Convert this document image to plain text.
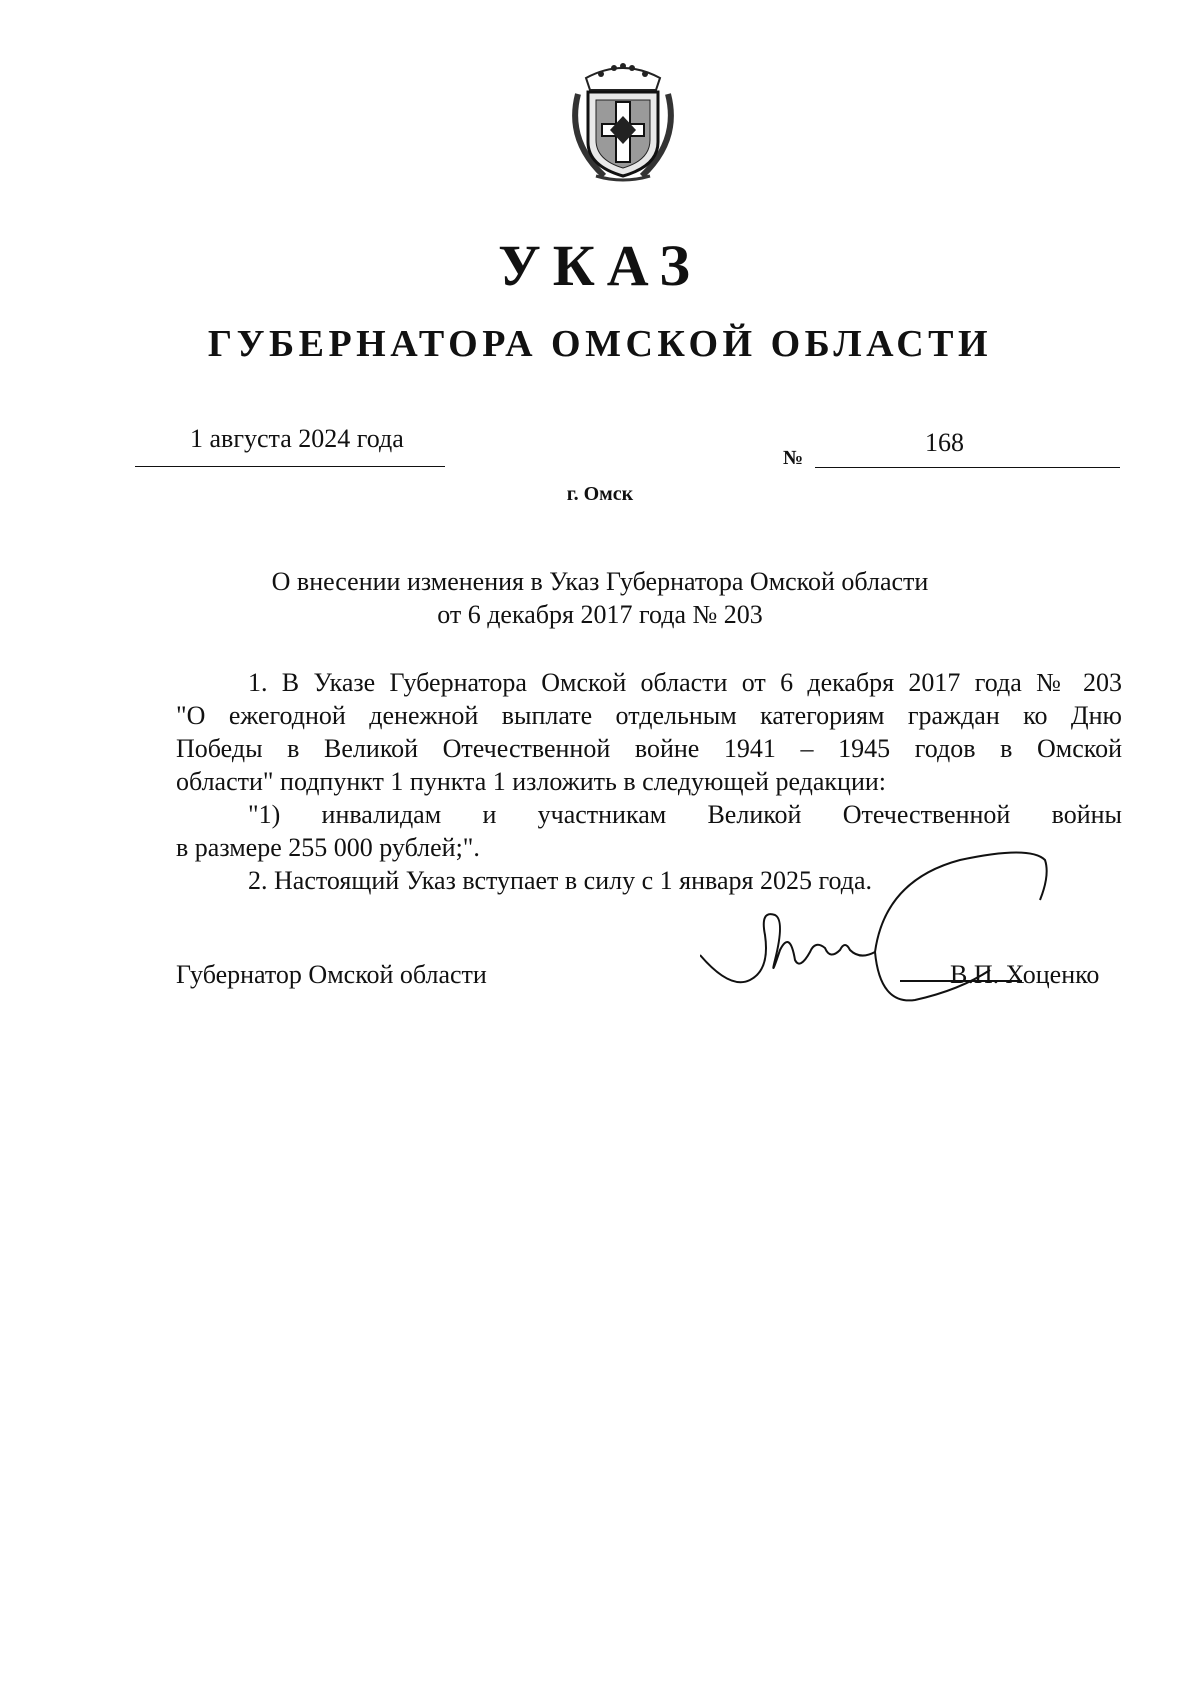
УКАЗ
ГУБЕРНАТОРА ОМСКОЙ ОБЛАСТИ
1 августа 2024 года
№
168
г. Омск
О внесении изменения в Указ Губернатора Омской области
от 6 декабря 2017 года № 203
1. В Указе Губернатора Омской области от 6 декабря 2017 года № 203
"О ежегодной денежной выплате отдельным категориям граждан ко Дню
Победы в Великой Отечественной войне 1941 – 1945 годов в Омской
области" подпункт 1 пункта 1 изложить в следующей редакции:
"1) инвалидам и участникам Великой Отечественной войны
в размере 255 000 рублей;".
2. Настоящий Указ вступает в силу с 1 января 2025 года.
Губернатор Омской области	В.П. Хоценко
